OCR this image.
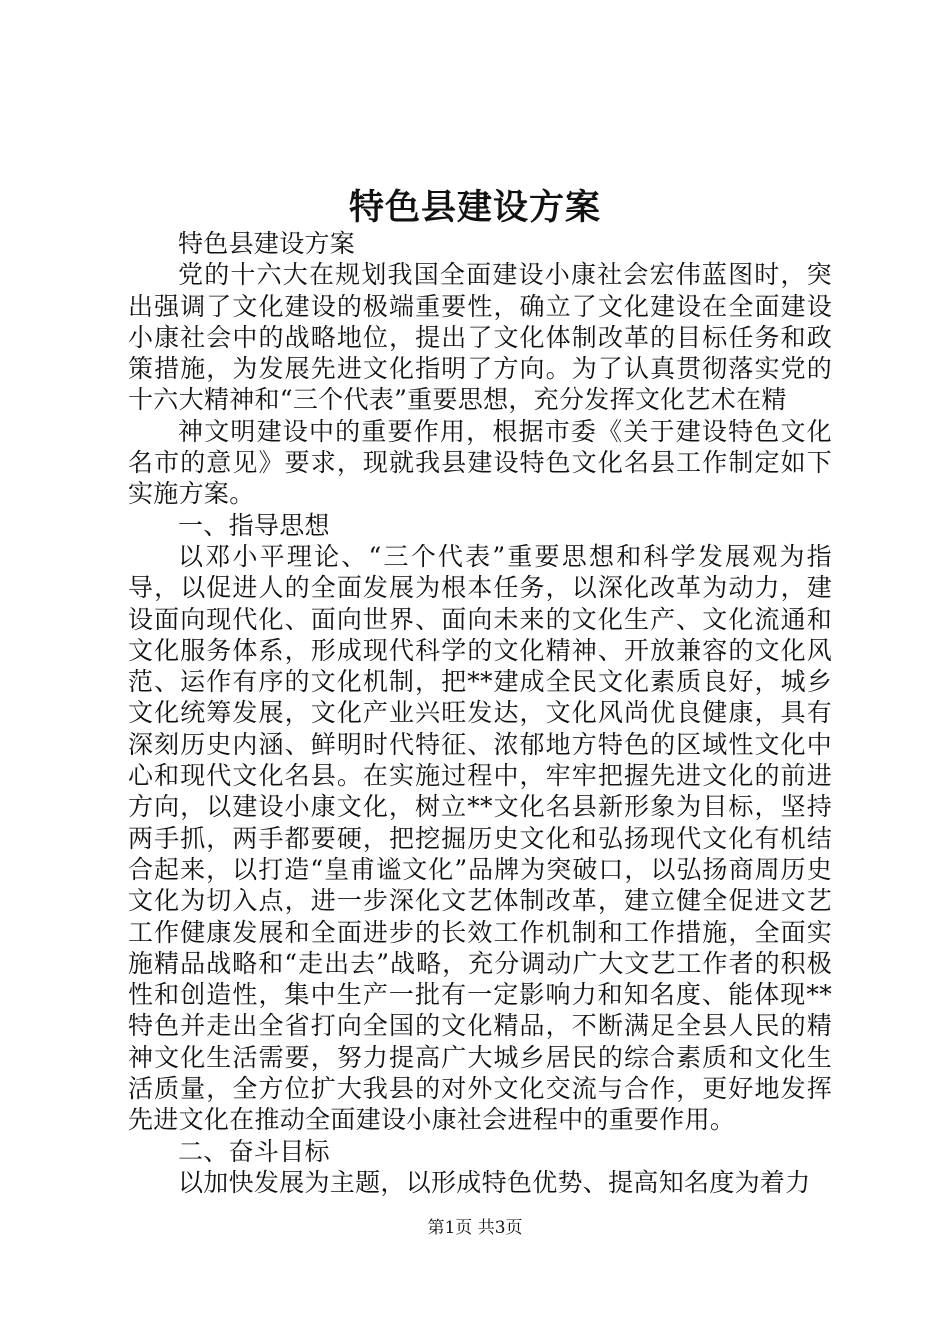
特色县建设方案

特色县建设方案

党的十六大在规划我国全面建设小康社会宏伟蓝图时，突出强调了文化建设的极端重要性，确立了文化建设在全面建设小康社会中的战略地位，提出了文化体制改革的目标任务和政策措施，为发展先进文化指明了方向。为了认真贯彻落实党的十六大精神和“三个代表”重要思想，充分发挥文化艺术在精

神文明建设中的重要作用，根据市委《关于建设特色文化名市的意见》要求，现就我县建设特色文化名县工作制定如下实施方案。

一、指导思想

以邓小平理论、“三个代表”重要思想和科学发展观为指导，以促进人的全面发展为根本任务，以深化改革为动力，建设面向现代化、面向世界、面向未来的文化生产、文化流通和文化服务体系，形成现代科学的文化精神、开放兼容的文化风范、运作有序的文化机制，把**建成全民文化素质良好，城乡文化统筹发展，文化产业兴旺发达，文化风尚优良健康，具有深刻历史内涵、鲜明时代特征、浓郁地方特色的区域性文化中心和现代文化名县。在实施过程中，牢牢把握先进文化的前进方向，以建设小康文化，树立**文化名县新形象为目标，坚持两手抓，两手都要硬，把挖掘历史文化和弘扬现代文化有机结合起来，以打造“皇甫谧文化”品牌为突破口，以弘扬商周历史文化为切入点，进一步深化文艺体制改革，建立健全促进文艺工作健康发展和全面进步的长效工作机制和工作措施，全面实施精品战略和“走出去”战略，充分调动广大文艺工作者的积极性和创造性，集中生产一批有一定影响力和知名度、能体现**特色并走出全省打向全国的文化精品，不断满足全县人民的精神文化生活需要，努力提高广大城乡居民的综合素质和文化生活质量，全方位扩大我县的对外文化交流与合作，更好地发挥先进文化在推动全面建设小康社会进程中的重要作用。

二、奋斗目标

以加快发展为主题，以形成特色优势、提高知名度为着力

第1页 共3页
